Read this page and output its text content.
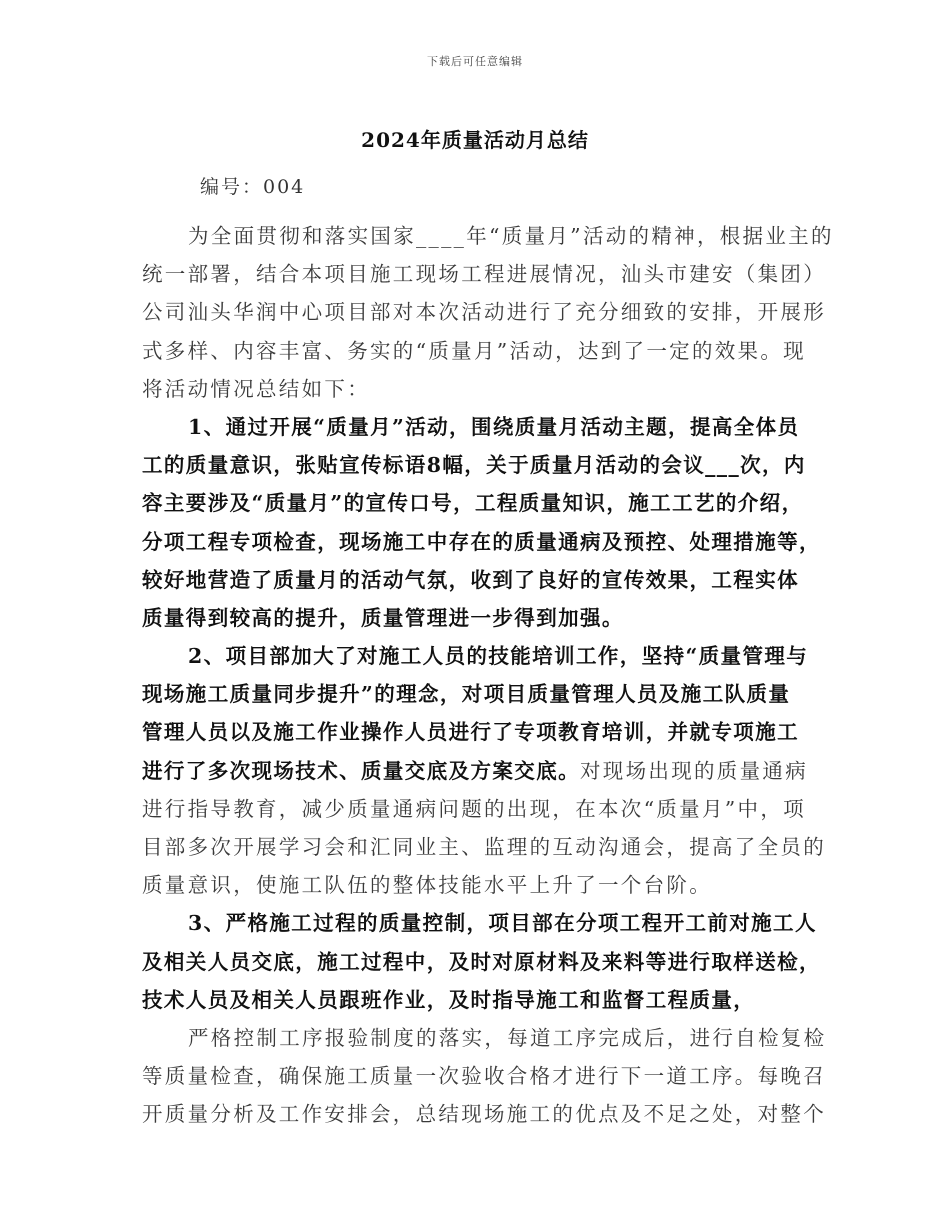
下载后可任意编辑
2024年质量活动月总结
编号：004
为全面贯彻和落实国家____年“质量月”活动的精神，根据业主的
统一部署，结合本项目施工现场工程进展情况，汕头市建安（集团）
公司汕头华润中心项目部对本次活动进行了充分细致的安排，开展形
式多样、内容丰富、务实的“质量月”活动，达到了一定的效果。现
将活动情况总结如下：
1、通过开展“质量月”活动，围绕质量月活动主题，提高全体员
工的质量意识，张贴宣传标语8幅，关于质量月活动的会议___次，内
容主要涉及“质量月”的宣传口号，工程质量知识，施工工艺的介绍，
分项工程专项检查，现场施工中存在的质量通病及预控、处理措施等，
较好地营造了质量月的活动气氛，收到了良好的宣传效果，工程实体
质量得到较高的提升，质量管理进一步得到加强。
2、项目部加大了对施工人员的技能培训工作，坚持“质量管理与
现场施工质量同步提升”的理念，对项目质量管理人员及施工队质量
管理人员以及施工作业操作人员进行了专项教育培训，并就专项施工
进行了多次现场技术、质量交底及方案交底。对现场出现的质量通病
进行指导教育，减少质量通病问题的出现，在本次“质量月”中，项
目部多次开展学习会和汇同业主、监理的互动沟通会，提高了全员的
质量意识，使施工队伍的整体技能水平上升了一个台阶。
3、严格施工过程的质量控制，项目部在分项工程开工前对施工人
及相关人员交底，施工过程中，及时对原材料及来料等进行取样送检，
技术人员及相关人员跟班作业，及时指导施工和监督工程质量，
严格控制工序报验制度的落实，每道工序完成后，进行自检复检
等质量检查，确保施工质量一次验收合格才进行下一道工序。每晚召
开质量分析及工作安排会，总结现场施工的优点及不足之处，对整个
